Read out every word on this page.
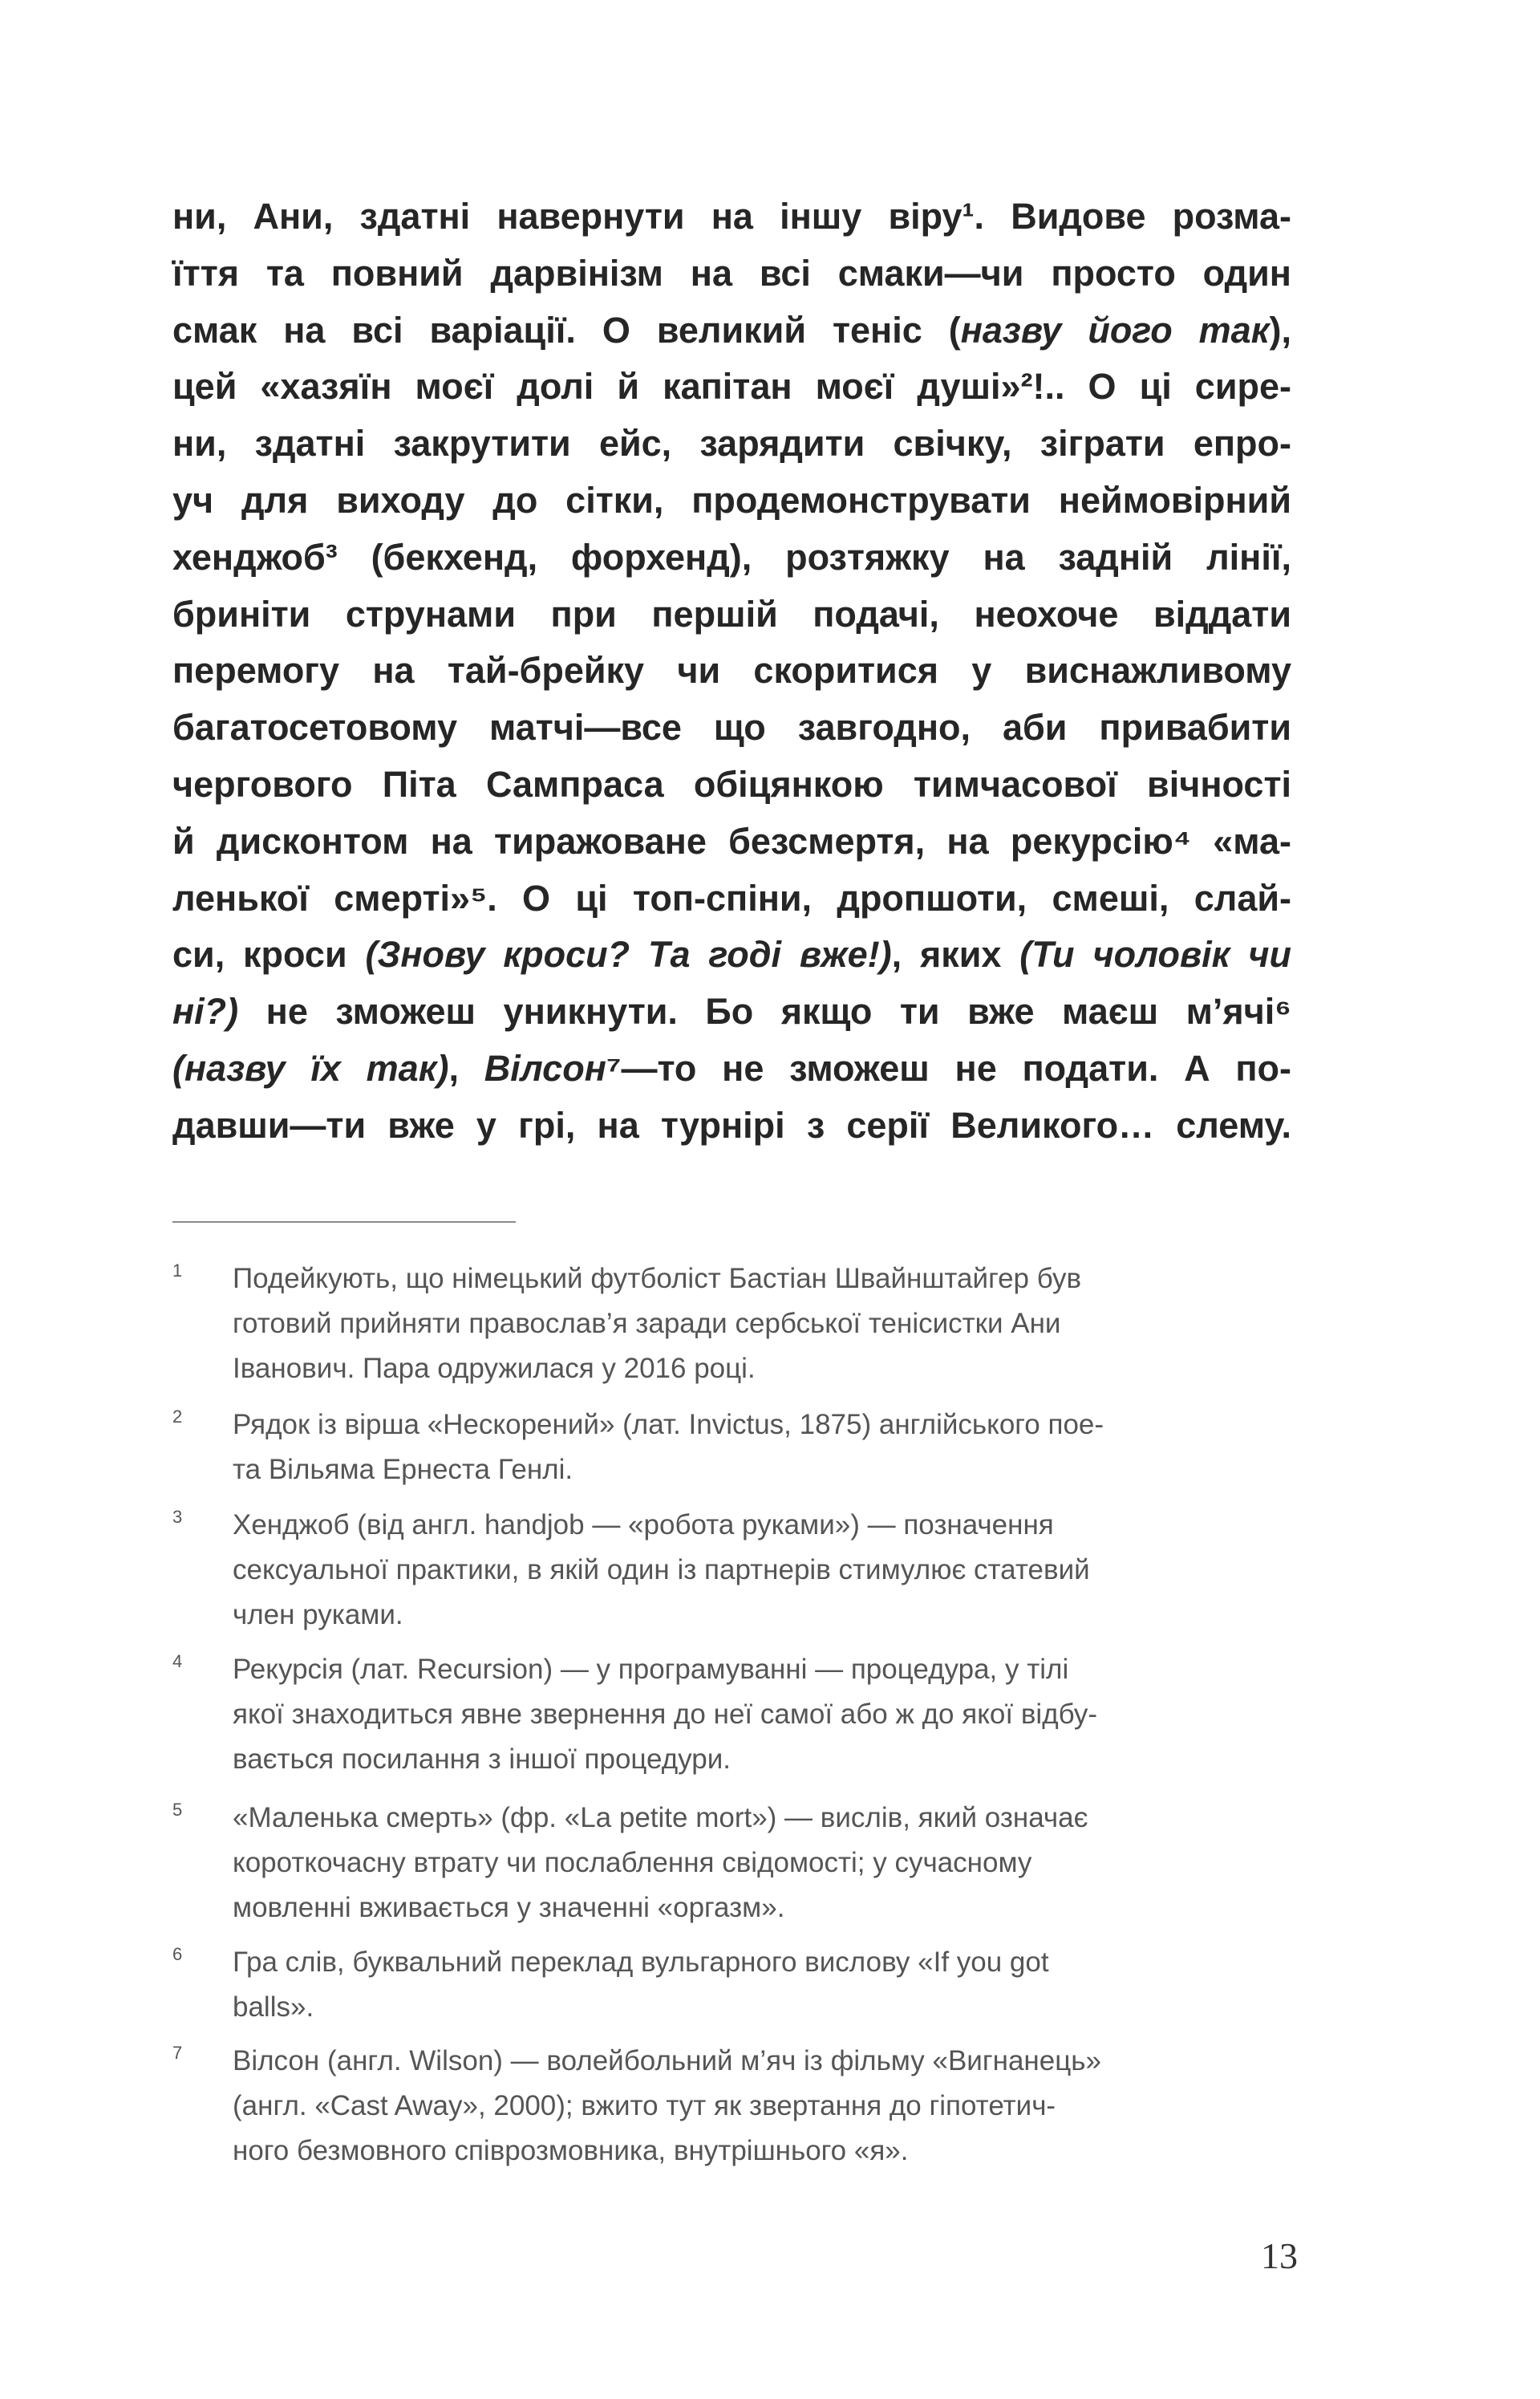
ни, Ани, здатні навернути на іншу віру¹. Видове розма-
їття та повний дарвінізм на всі смаки—чи просто один
смак на всі варіації. О великий теніс (назву його так),
цей «хазяїн моєї долі й капітан моєї душі»²!.. О ці сире-
ни, здатні закрутити ейс, зарядити свічку, зіграти епро-
уч для виходу до сітки, продемонструвати неймовірний
хенджоб³ (бекхенд, форхенд), розтяжку на задній лінії,
бриніти струнами при першій подачі, неохоче віддати
перемогу на тай-брейку чи скоритися у виснажливому
багатосетовому матчі—все що завгодно, аби привабити
чергового Піта Сампраса обіцянкою тимчасової вічності
й дисконтом на тиражоване безсмертя, на рекурсію⁴ «ма-
ленької смерті»⁵. О ці топ-спіни, дропшоти, смеші, слай-
си, кроси (Знову кроси? Та годі вже!), яких (Ти чоловік чи
ні?) не зможеш уникнути. Бо якщо ти вже маєш м’ячі⁶
(назву їх так), Вілсон⁷—то не зможеш не подати. А по-
давши—ти вже у грі, на турнірі з серії Великого… слему.
1 Подейкують, що німецький футболіст Бастіан Швайнштайгер був
готовий прийняти православ’я заради сербської тенісистки Ани
Іванович. Пара одружилася у 2016 році.
2 Рядок із вірша «Нескорений» (лат. Invictus, 1875) англійського пое-
та Вільяма Ернеста Генлі.
3 Хенджоб (від англ. handjob — «робота руками») — позначення
сексуальної практики, в якій один із партнерів стимулює статевий
член руками.
4 Рекурсія (лат. Recursion) — у програмуванні — процедура, у тілі
якої знаходиться явне звернення до неї самої або ж до якої відбу-
вається посилання з іншої процедури.
5 «Маленька смерть» (фр. «La petite mort») — вислів, який означає
короткочасну втрату чи послаблення свідомості; у сучасному
мовленні вживається у значенні «оргазм».
6 Гра слів, буквальний переклад вульгарного вислову «If you got
balls».
7 Вілсон (англ. Wilson) — волейбольний м’яч із фільму «Вигнанець»
(англ. «Cast Away», 2000); вжито тут як звертання до гіпотетич-
ного безмовного співрозмовника, внутрішнього «я».
13
